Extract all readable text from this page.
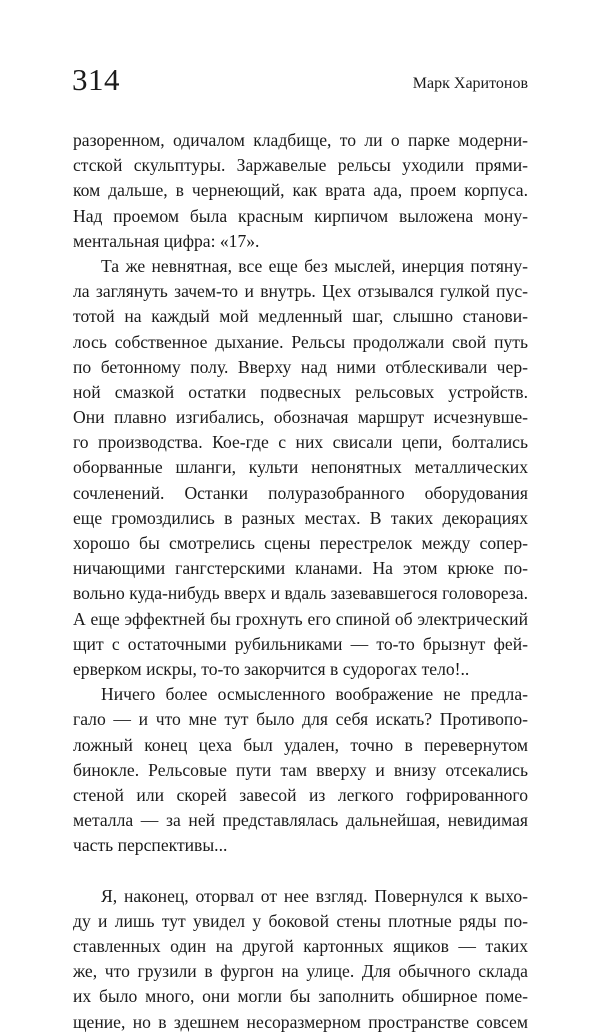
314	Марк Харитонов
разоренном, одичалом кладбище, то ли о парке модерни-
стской скульптуры. Заржавелые рельсы уходили прями-
ком дальше, в чернеющий, как врата ада, проем корпуса.
Над проемом была красным кирпичом выложена мону-
ментальная цифра: «17».
Та же невнятная, все еще без мыслей, инерция потяну-
ла заглянуть зачем-то и внутрь. Цех отзывался гулкой пус-
тотой на каждый мой медленный шаг, слышно станови-
лось собственное дыхание. Рельсы продолжали свой путь
по бетонному полу. Вверху над ними отблескивали чер-
ной смазкой остатки подвесных рельсовых устройств.
Они плавно изгибались, обозначая маршрут исчезнувше-
го производства. Кое-где с них свисали цепи, болтались
оборванные шланги, культи непонятных металлических
сочленений. Останки полуразобранного оборудования
еще громоздились в разных местах. В таких декорациях
хорошо бы смотрелись сцены перестрелок между сопер-
ничающими гангстерскими кланами. На этом крюке по-
вольно куда-нибудь вверх и вдаль зазевавшегося головореза.
А еще эффектней бы грохнуть его спиной об электрический
щит с остаточными рубильниками — то-то брызнут фей-
ерверком искры, то-то закорчится в судорогах тело!..
Ничего более осмысленного воображение не предла-
гало — и что мне тут было для себя искать? Противопо-
ложный конец цеха был удален, точно в перевернутом
бинокле. Рельсовые пути там вверху и внизу отсекались
стеной или скорей завесой из легкого гофрированного
металла — за ней представлялась дальнейшая, невидимая
часть перспективы...
Я, наконец, оторвал от нее взгляд. Повернулся к выхо-
ду и лишь тут увидел у боковой стены плотные ряды по-
ставленных один на другой картонных ящиков — таких
же, что грузили в фургон на улице. Для обычного склада
их было много, они могли бы заполнить обширное поме-
щение, но в здешнем несоразмерном пространстве совсем
